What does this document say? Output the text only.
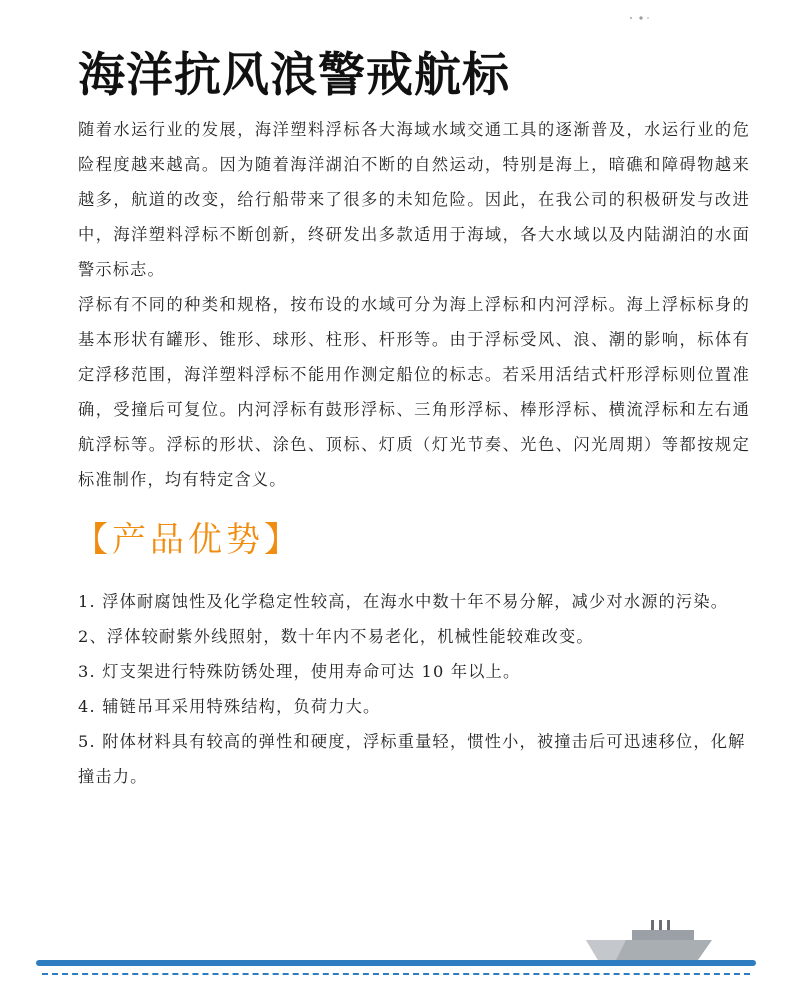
海洋抗风浪警戒航标

随着水运行业的发展，海洋塑料浮标各大海域水域交通工具的逐渐普及，水运行业的危险程度越来越高。因为随着海洋湖泊不断的自然运动，特别是海上，暗礁和障碍物越来越多，航道的改变，给行船带来了很多的未知危险。因此，在我公司的积极研发与改进中，海洋塑料浮标不断创新，终研发出多款适用于海域，各大水域以及内陆湖泊的水面警示标志。

浮标有不同的种类和规格，按布设的水域可分为海上浮标和内河浮标。海上浮标标身的基本形状有罐形、锥形、球形、柱形、杆形等。由于浮标受风、浪、潮的影响，标体有定浮移范围，海洋塑料浮标不能用作测定船位的标志。若采用活结式杆形浮标则位置准确，受撞后可复位。内河浮标有鼓形浮标、三角形浮标、棒形浮标、横流浮标和左右通航浮标等。浮标的形状、涂色、顶标、灯质（灯光节奏、光色、闪光周期）等都按规定标准制作，均有特定含义。

【产品优势】
1. 浮体耐腐蚀性及化学稳定性较高，在海水中数十年不易分解，减少对水源的污染。
2、浮体较耐紫外线照射，数十年内不易老化，机械性能较难改变。
3. 灯支架进行特殊防锈处理，使用寿命可达 10 年以上。
4. 辅链吊耳采用特殊结构，负荷力大。
5. 附体材料具有较高的弹性和硬度，浮标重量轻，惯性小，被撞击后可迅速移位，化解撞击力。
